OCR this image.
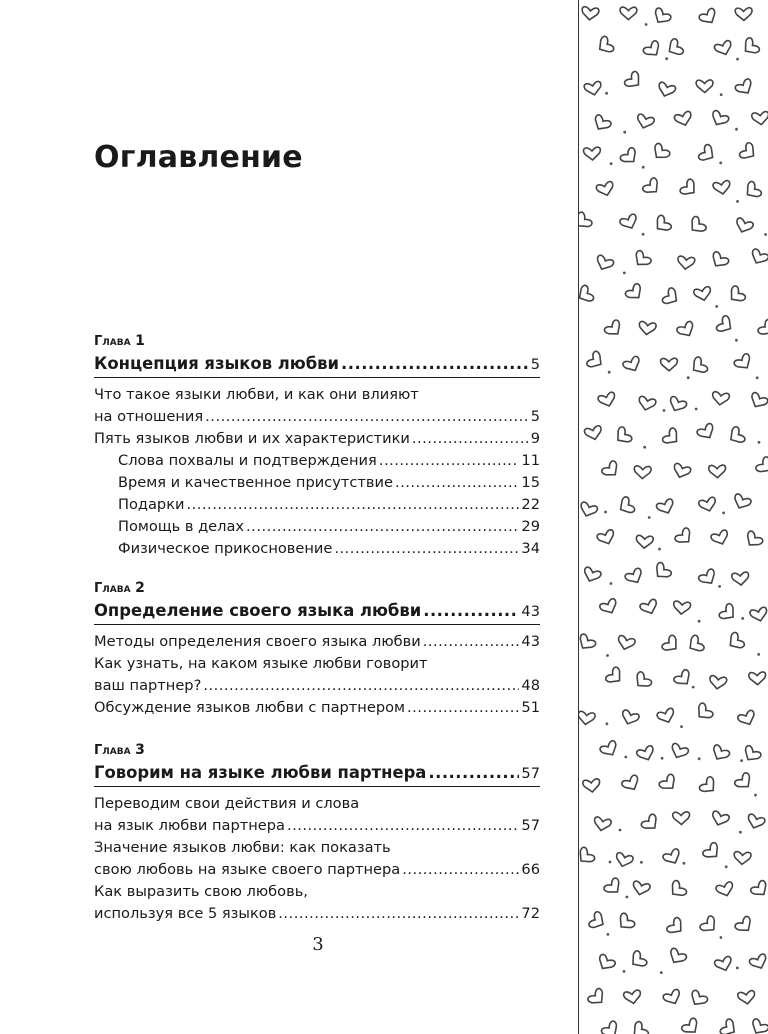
Оглавление
Глава 1
Концепция языков любви .....	5
Что такое языки любви, и как они влияют
на отношения .....	5
Пять языков любви и их характеристики .....	9
Слова похвалы и подтверждения .....	11
Время и качественное присутствие .....	15
Подарки .....	22
Помощь в делах .....	29
Физическое прикосновение .....	34
Глава 2
Определение своего языка любви .....	43
Методы определения своего языка любви .....	43
Как узнать, на каком языке любви говорит
ваш партнер? .....	48
Обсуждение языков любви с партнером .....	51
Глава 3
Говорим на языке любви партнера .....	57
Переводим свои действия и слова
на язык любви партнера .....	57
Значение языков любви: как показать
свою любовь на языке своего партнера .....	66
Как выразить свою любовь,
используя все 5 языков .....	72
3
